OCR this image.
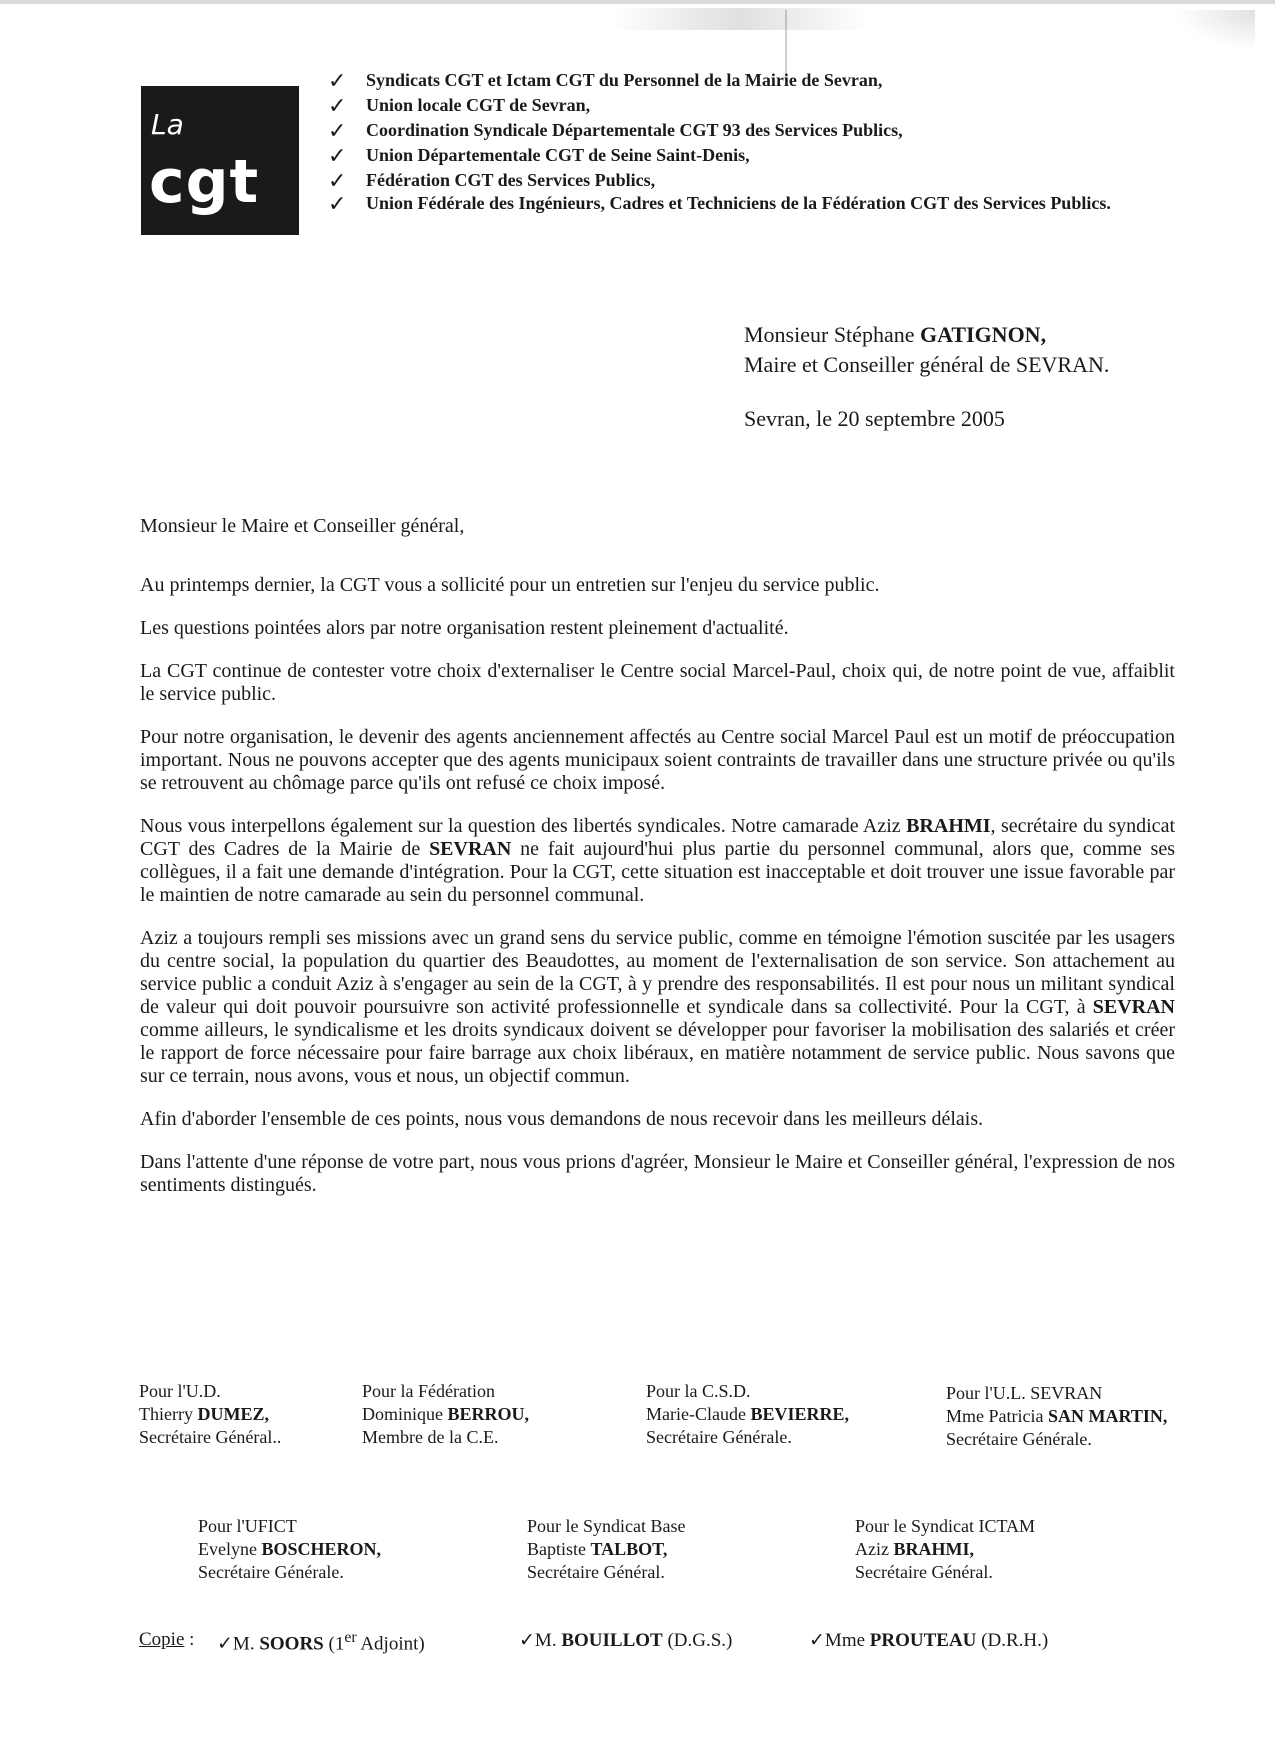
La
cgt
✓ Syndicats CGT et Ictam CGT du Personnel de la Mairie de Sevran,
✓ Union locale CGT de Sevran,
✓ Coordination Syndicale Départementale CGT 93 des Services Publics,
✓ Union Départementale CGT de Seine Saint-Denis,
✓ Fédération CGT des Services Publics,
✓ Union Fédérale des Ingénieurs, Cadres et Techniciens de la Fédération CGT des Services Publics.
Monsieur Stéphane GATIGNON,
Maire et Conseiller général de SEVRAN.
Sevran, le 20 septembre 2005

Monsieur le Maire et Conseiller général,

Au printemps dernier, la CGT vous a sollicité pour un entretien sur l'enjeu du service public.

Les questions pointées alors par notre organisation restent pleinement d'actualité.

La CGT continue de contester votre choix d'externaliser le Centre social Marcel-Paul, choix qui, de notre point de vue, affaiblit le service public.

Pour notre organisation, le devenir des agents anciennement affectés au Centre social Marcel Paul est un motif de préoccupation important. Nous ne pouvons accepter que des agents municipaux soient contraints de travailler dans une structure privée ou qu'ils se retrouvent au chômage parce qu'ils ont refusé ce choix imposé.

Nous vous interpellons également sur la question des libertés syndicales. Notre camarade Aziz BRAHMI, secrétaire du syndicat CGT des Cadres de la Mairie de SEVRAN ne fait aujourd'hui plus partie du personnel communal, alors que, comme ses collègues, il a fait une demande d'intégration. Pour la CGT, cette situation est inacceptable et doit trouver une issue favorable par le maintien de notre camarade au sein du personnel communal.

Aziz a toujours rempli ses missions avec un grand sens du service public, comme en témoigne l'émotion suscitée par les usagers du centre social, la population du quartier des Beaudottes, au moment de l'externalisation de son service. Son attachement au service public a conduit Aziz à s'engager au sein de la CGT, à y prendre des responsabilités. Il est pour nous un militant syndical de valeur qui doit pouvoir poursuivre son activité professionnelle et syndicale dans sa collectivité. Pour la CGT, à SEVRAN comme ailleurs, le syndicalisme et les droits syndicaux doivent se développer pour favoriser la mobilisation des salariés et créer le rapport de force nécessaire pour faire barrage aux choix libéraux, en matière notamment de service public. Nous savons que sur ce terrain, nous avons, vous et nous, un objectif commun.

Afin d'aborder l'ensemble de ces points, nous vous demandons de nous recevoir dans les meilleurs délais.

Dans l'attente d'une réponse de votre part, nous vous prions d'agréer, Monsieur le Maire et Conseiller général, l'expression de nos sentiments distingués.

Pour l'U.D.
Thierry DUMEZ,
Secrétaire Général..
Pour la Fédération
Dominique BERROU,
Membre de la C.E.
Pour la C.S.D.
Marie-Claude BEVIERRE,
Secrétaire Générale.
Pour l'U.L. SEVRAN
Mme Patricia SAN MARTIN,
Secrétaire Générale.
Pour l'UFICT
Evelyne BOSCHERON,
Secrétaire Générale.
Pour le Syndicat Base
Baptiste TALBOT,
Secrétaire Général.
Pour le Syndicat ICTAM
Aziz BRAHMI,
Secrétaire Général.
Copie : ✓M. SOORS (1er Adjoint)	✓M. BOUILLOT (D.G.S.)	✓Mme PROUTEAU (D.R.H.)
